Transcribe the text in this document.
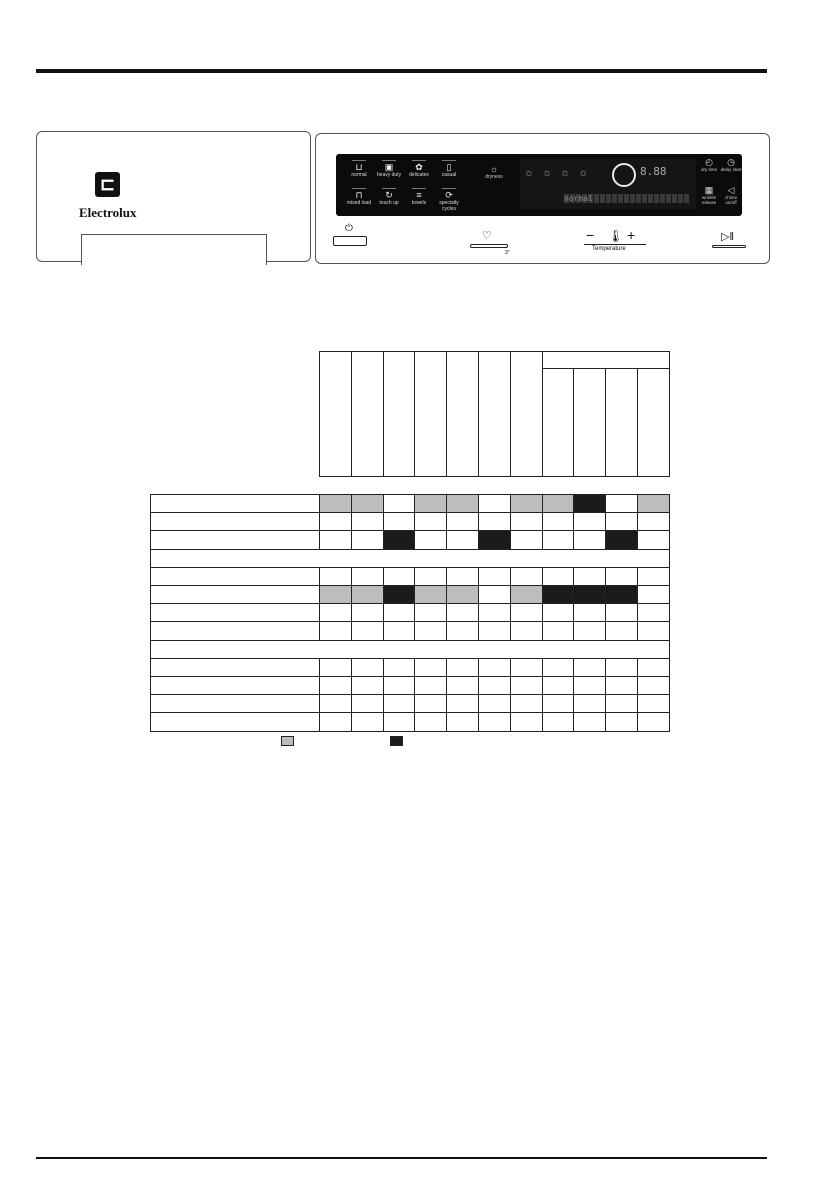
⊏
Electrolux
⊔
normal
▣
heavy duty
✿
delicates
▯
casual
⊓
mixed load
↻
touch up
≡
towels
⟳
specialty cycles
☼
dryness	☼☼☼☼	8.88
normal
◴
dry time
◷
delay start
▦
wrinkle release
◁
chime on/off
⏻
♡
3"
− 🌡 +
Temperature
▷‖
